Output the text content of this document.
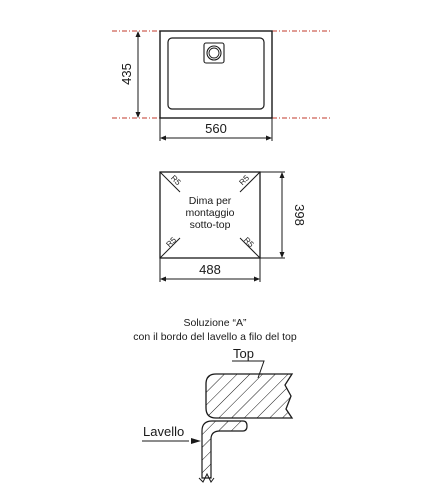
435
560
R5	R5
R5	R5
Dima per
montaggio
sotto-top	398
488
Soluzione “A”
con il bordo del lavello a filo del top
Top
Lavello
